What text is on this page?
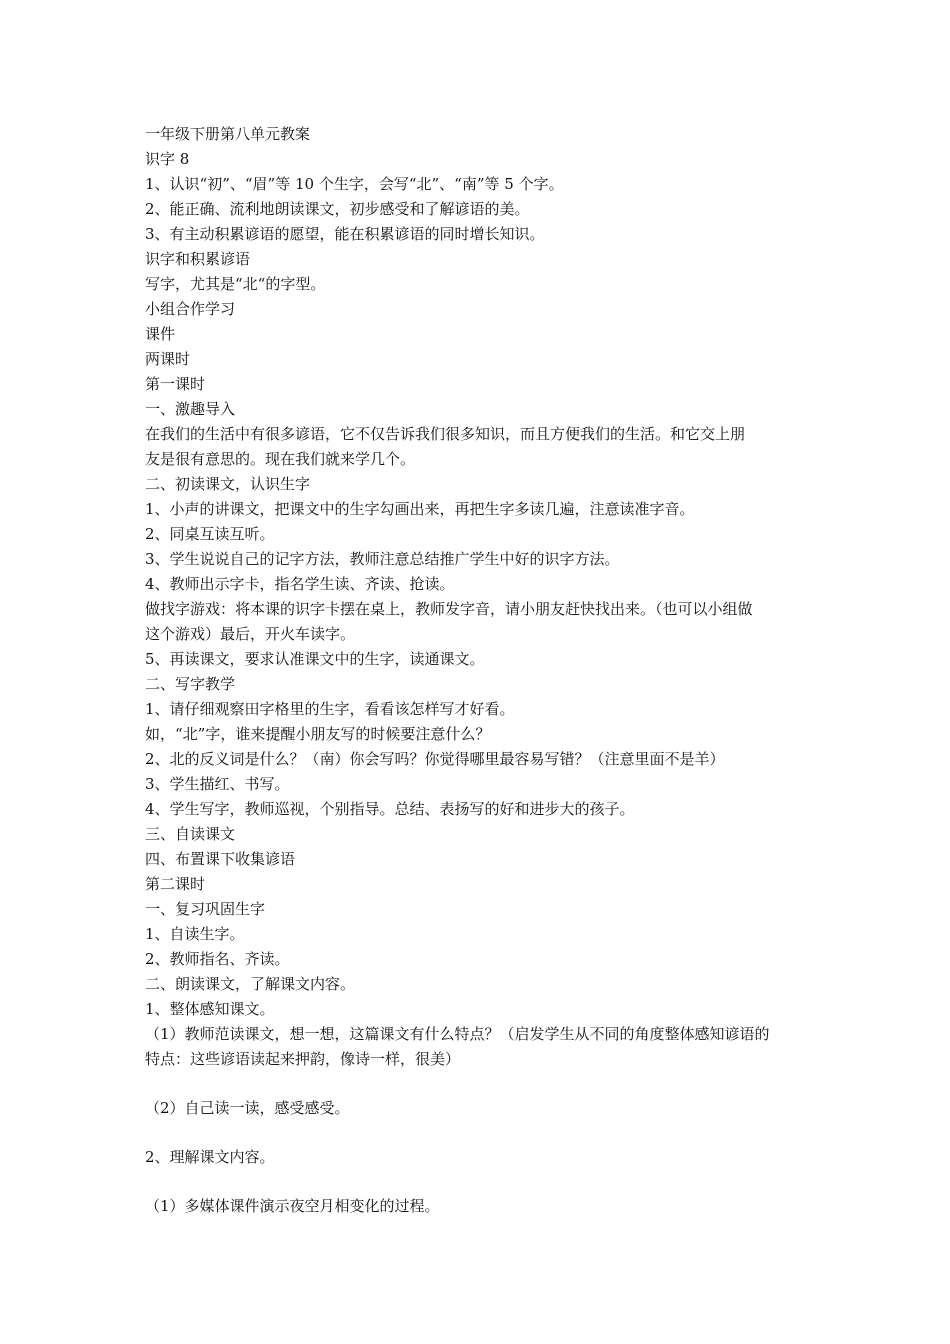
一年级下册第八单元教案

识字 8

1、认识“初”、“眉”等 10 个生字，会写“北”、“南”等 5 个字。

2、能正确、流利地朗读课文，初步感受和了解谚语的美。

3、有主动积累谚语的愿望，能在积累谚语的同时增长知识。

识字和积累谚语

写字，尤其是“北“的字型。

小组合作学习

课件

两课时

第一课时

一、激趣导入

在我们的生活中有很多谚语，它不仅告诉我们很多知识，而且方便我们的生活。和它交上朋
友是很有意思的。现在我们就来学几个。

二、初读课文，认识生字

1、小声的讲课文，把课文中的生字勾画出来，再把生字多读几遍，注意读准字音。

2、同桌互读互听。

3、学生说说自己的记字方法，教师注意总结推广学生中好的识字方法。

4、教师出示字卡，指名学生读、齐读、抢读。

做找字游戏：将本课的识字卡摆在桌上，教师发字音，请小朋友赶快找出来。（也可以小组做
这个游戏）最后，开火车读字。

5、再读课文，要求认准课文中的生字，读通课文。

二、写字教学

1、请仔细观察田字格里的生字，看看该怎样写才好看。

如，“北”字，谁来提醒小朋友写的时候要注意什么？

2、北的反义词是什么？（南）你会写吗？你觉得哪里最容易写错？（注意里面不是羊）

3、学生描红、书写。

4、学生写字，教师巡视，个别指导。总结、表扬写的好和进步大的孩子。

三、自读课文

四、布置课下收集谚语

第二课时

一、复习巩固生字

1、自读生字。

2、教师指名、齐读。

二、朗读课文，了解课文内容。

1、整体感知课文。

（1）教师范读课文，想一想，这篇课文有什么特点？（启发学生从不同的角度整体感知谚语的
特点：这些谚语读起来押韵，像诗一样，很美）

（2）自己读一读，感受感受。

2、理解课文内容。

（1）多媒体课件演示夜空月相变化的过程。
